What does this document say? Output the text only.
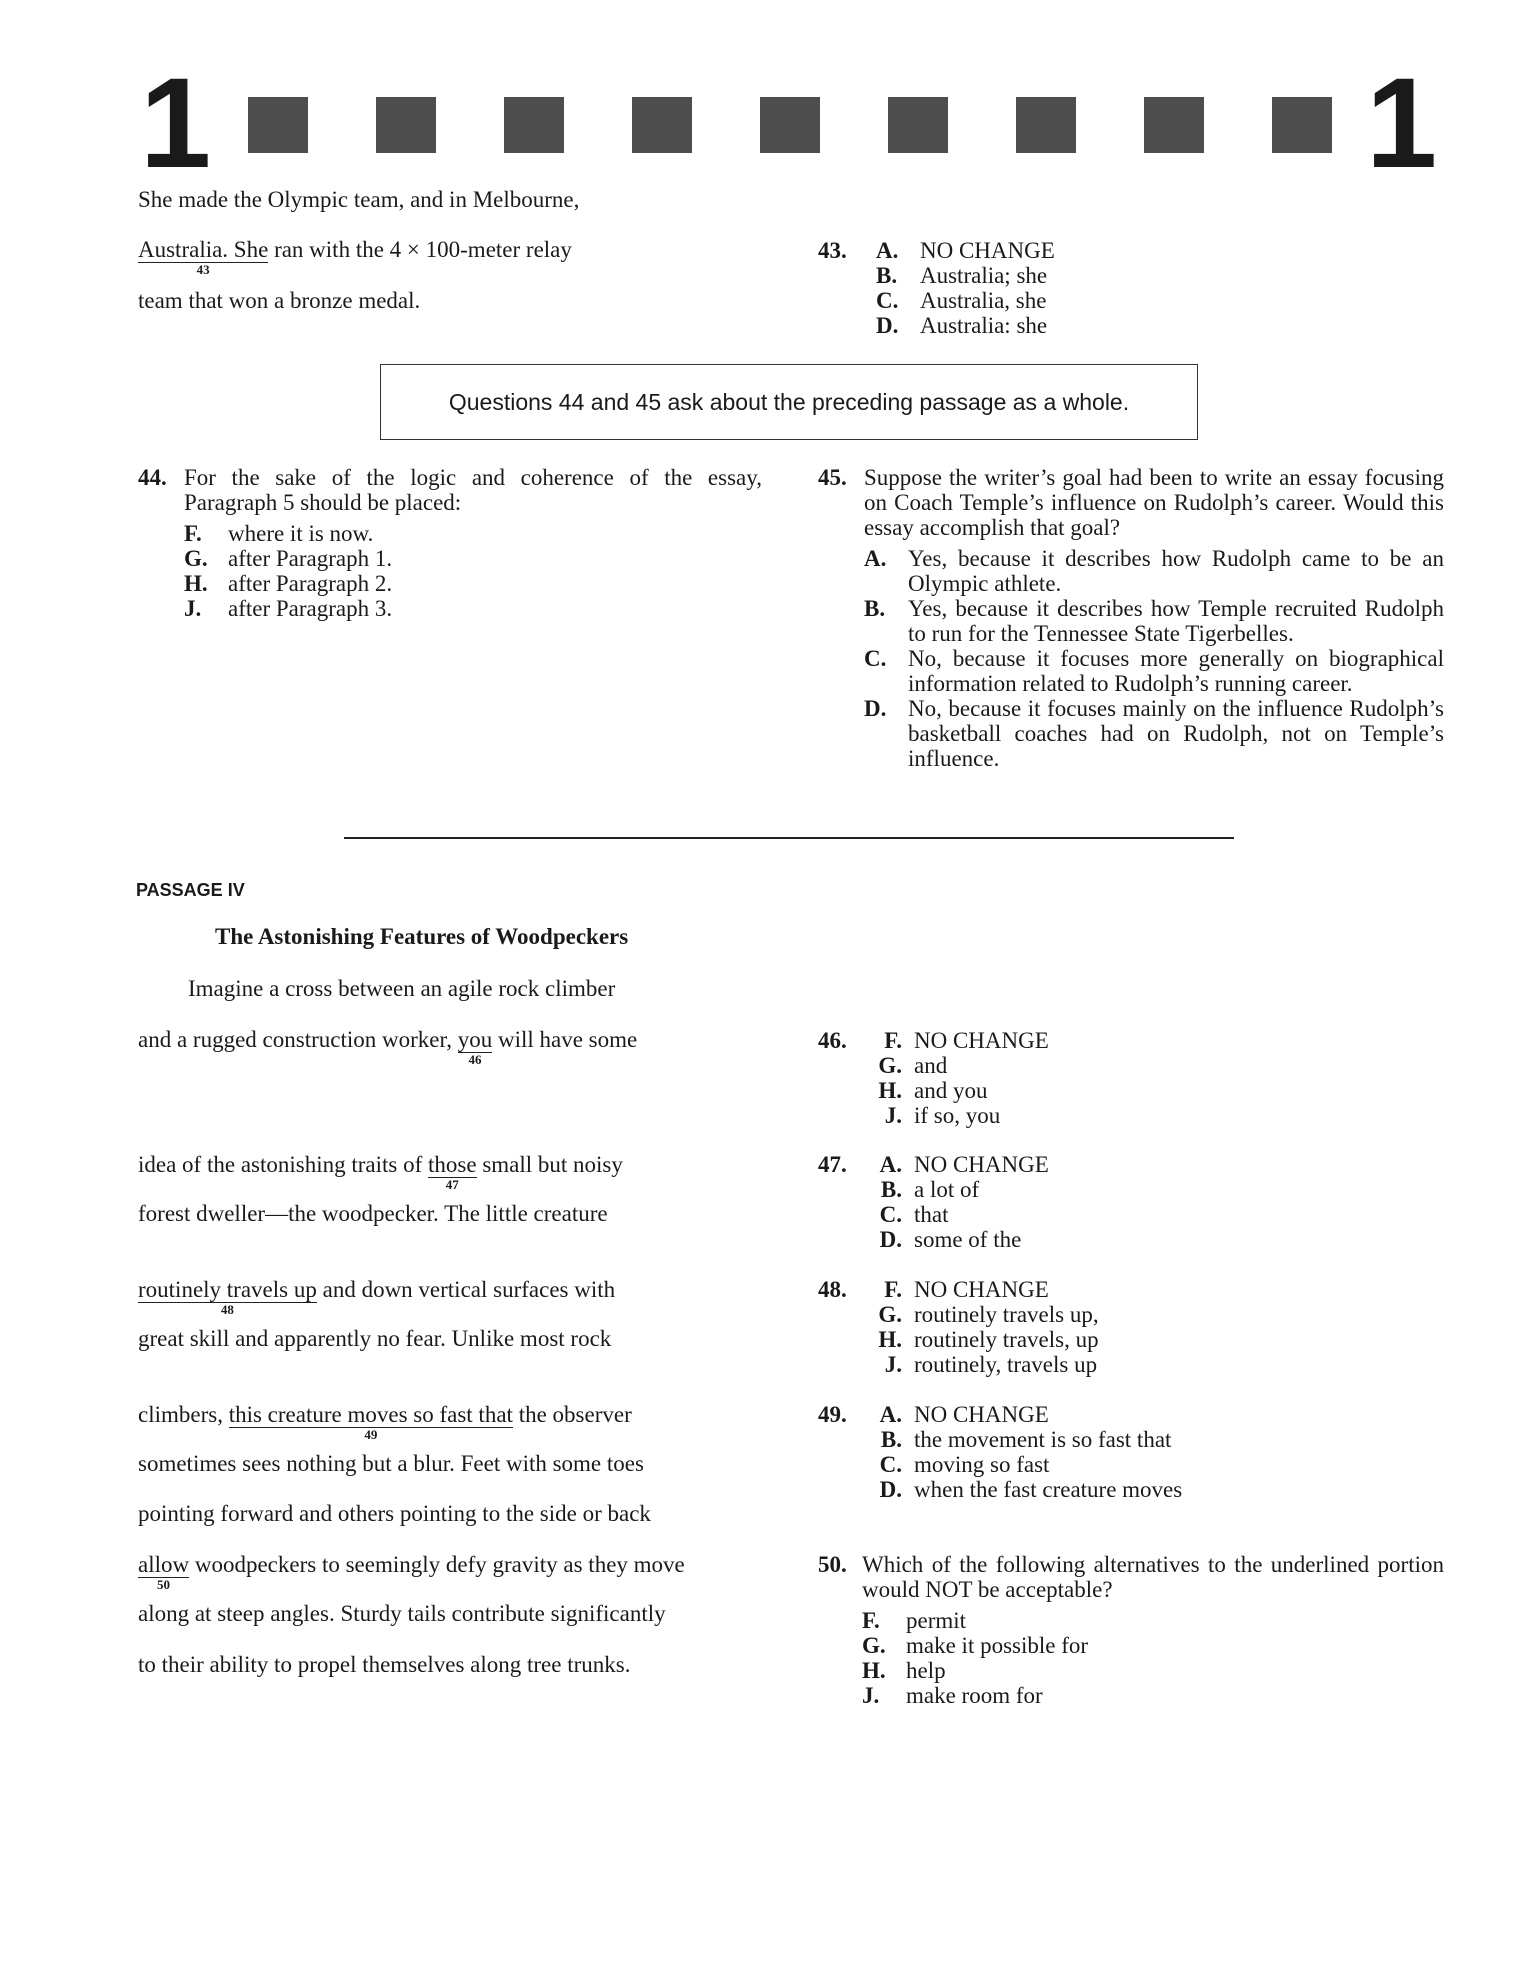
1	1
She made the Olympic team, and in Melbourne,
Australia. She
43
ran with the 4 × 100-meter relay
team that won a bronze medal.
43.	A. NO CHANGE
B. Australia; she
C. Australia, she
D. Australia: she
Questions 44 and 45 ask about the preceding passage as a whole.
44. For the sake of the logic and coherence of the essay, Paragraph 5 should be placed:
F.	where it is now.
G. after Paragraph 1.
H. after Paragraph 2.
J.	after Paragraph 3.
45. Suppose the writer’s goal had been to write an essay focusing on Coach Temple’s influence on Rudolph’s career. Would this essay accomplish that goal?
A. Yes, because it describes how Rudolph came to be an Olympic athlete.
B. Yes, because it describes how Temple recruited Rudolph to run for the Tennessee State Tigerbelles.
C. No, because it focuses more generally on biographical information related to Rudolph’s running career.
D. No, because it focuses mainly on the influence Rudolph’s basketball coaches had on Rudolph, not on Temple’s influence.
PASSAGE IV
The Astonishing Features of Woodpeckers
Imagine a cross between an agile rock climber
and a rugged construction worker, you
46
will have some
idea of the astonishing traits of those
47
small but noisy
forest dweller—the woodpecker. The little creature
routinely travels up
48
and down vertical surfaces with
great skill and apparently no fear. Unlike most rock
climbers, this creature moves so fast that
49
the observer
sometimes sees nothing but a blur. Feet with some toes
pointing forward and others pointing to the side or back
allow
50
woodpeckers to seemingly defy gravity as they move
along at steep angles. Sturdy tails contribute significantly
to their ability to propel themselves along tree trunks.
46.	F. NO CHANGE
G. and
H. and you
J. if so, you
47.	A. NO CHANGE
B. a lot of
C. that
D. some of the
48.	F. NO CHANGE
G. routinely travels up,
H. routinely travels, up
J. routinely, travels up
49.	A. NO CHANGE
B. the movement is so fast that
C. moving so fast
D. when the fast creature moves
50. Which of the following alternatives to the underlined portion would NOT be acceptable?
F.	permit
G. make it possible for
H. help
J.	make room for
